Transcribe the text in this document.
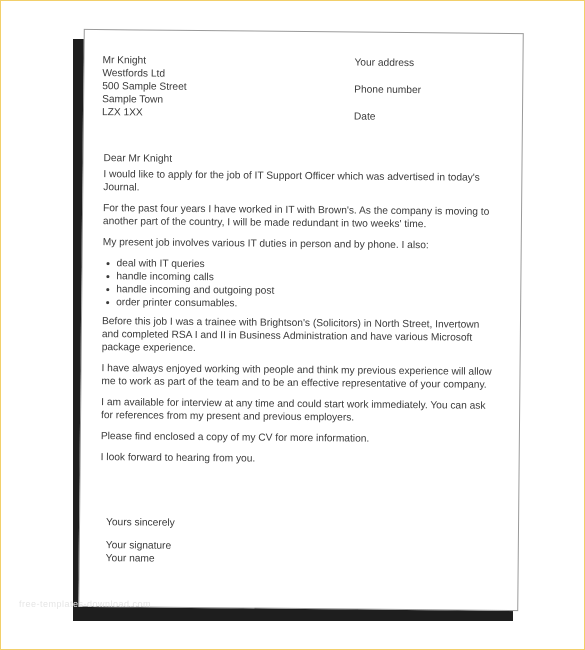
Mr Knight
Westfords Ltd
500 Sample Street
Sample Town
LZX 1XX
Your address
Phone number
Date

Dear Mr Knight

I would like to apply for the job of IT Support Officer which was advertised in today's Journal.

For the past four years I have worked in IT with Brown's. As the company is moving to another part of the country, I will be made redundant in two weeks' time.

My present job involves various IT duties in person and by phone. I also:

deal with IT queries
handle incoming calls
handle incoming and outgoing post
order printer consumables.

Before this job I was a trainee with Brightson's (Solicitors) in North Street, Invertown and completed RSA I and II in Business Administration and have various Microsoft package experience.

I have always enjoyed working with people and think my previous experience will allow me to work as part of the team and to be an effective representative of your company.

I am available for interview at any time and could start work immediately. You can ask for references from my present and previous employers.

Please find enclosed a copy of my CV for more information.

I look forward to hearing from you.

Yours sincerely
Your signature
Your name
free-templates-download.com
